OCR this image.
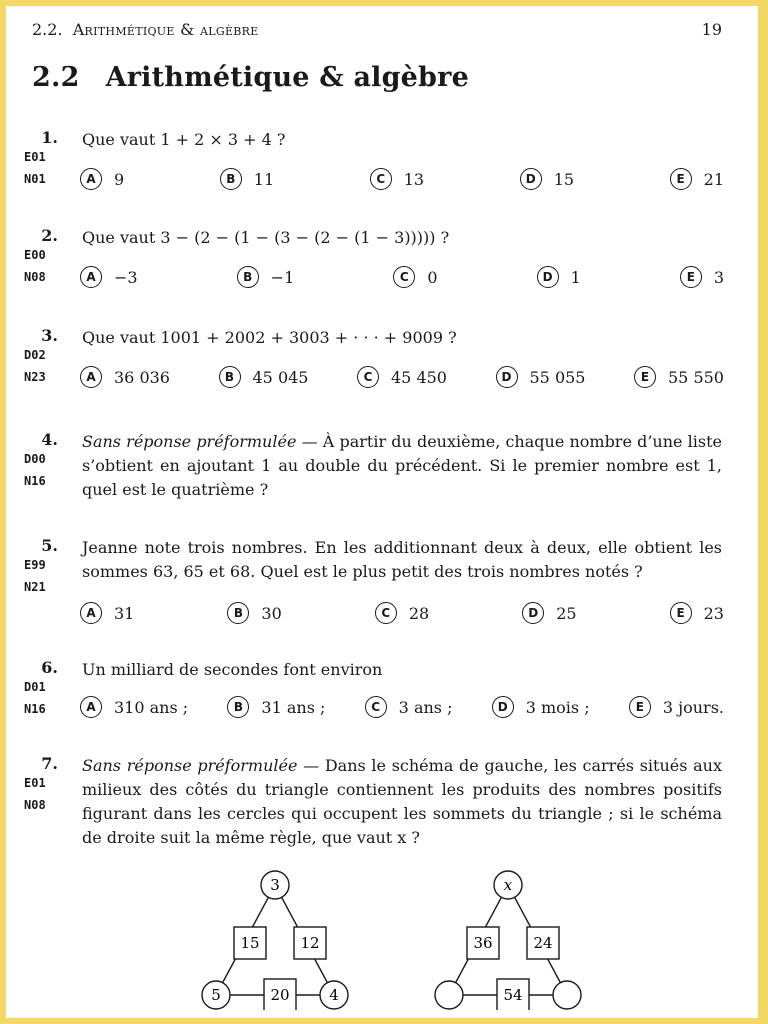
2.2. Arithmétique & algèbre	19
2.2 Arithmétique & algèbre
1.
E01
N01
Que vaut 1 + 2 × 3 + 4 ?
A	9	B	11	C	13	D	15	E	21
2.
E00
N08
Que vaut 3 − (2 − (1 − (3 − (2 − (1 − 3))))) ?
A	−3	B	−1	C	0	D	1	E	3
3.
D02
N23
Que vaut 1001 + 2002 + 3003 + · · · + 9009 ?
A	36 036	B	45 045	C	45 450	D	55 055	E	55 550
4.
D00
N16
Sans réponse préformulée — À partir du deuxième, chaque nombre d’une liste s’obtient en ajoutant 1 au double du précédent. Si le premier nombre est 1, quel est le quatrième ?
5.
E99
N21
Jeanne note trois nombres. En les additionnant deux à deux, elle obtient les sommes 63, 65 et 68. Quel est le plus petit des trois nombres notés ?
A	31	B	30	C	28	D	25	E	23
6.
D01
N16
Un milliard de secondes font environ
A	310 ans ;	B	31 ans ;	C	3 ans ;	D	3 mois ;	E	3 jours.
7.
E01
N08
Sans réponse préformulée — Dans le schéma de gauche, les carrés situés aux milieux des côtés du triangle contiennent les produits des nombres positifs figurant dans les cercles qui occupent les sommets du triangle ; si le schéma de droite suit la même règle, que vaut x ?
3
5	4
15	12
20
x
36	24
54
